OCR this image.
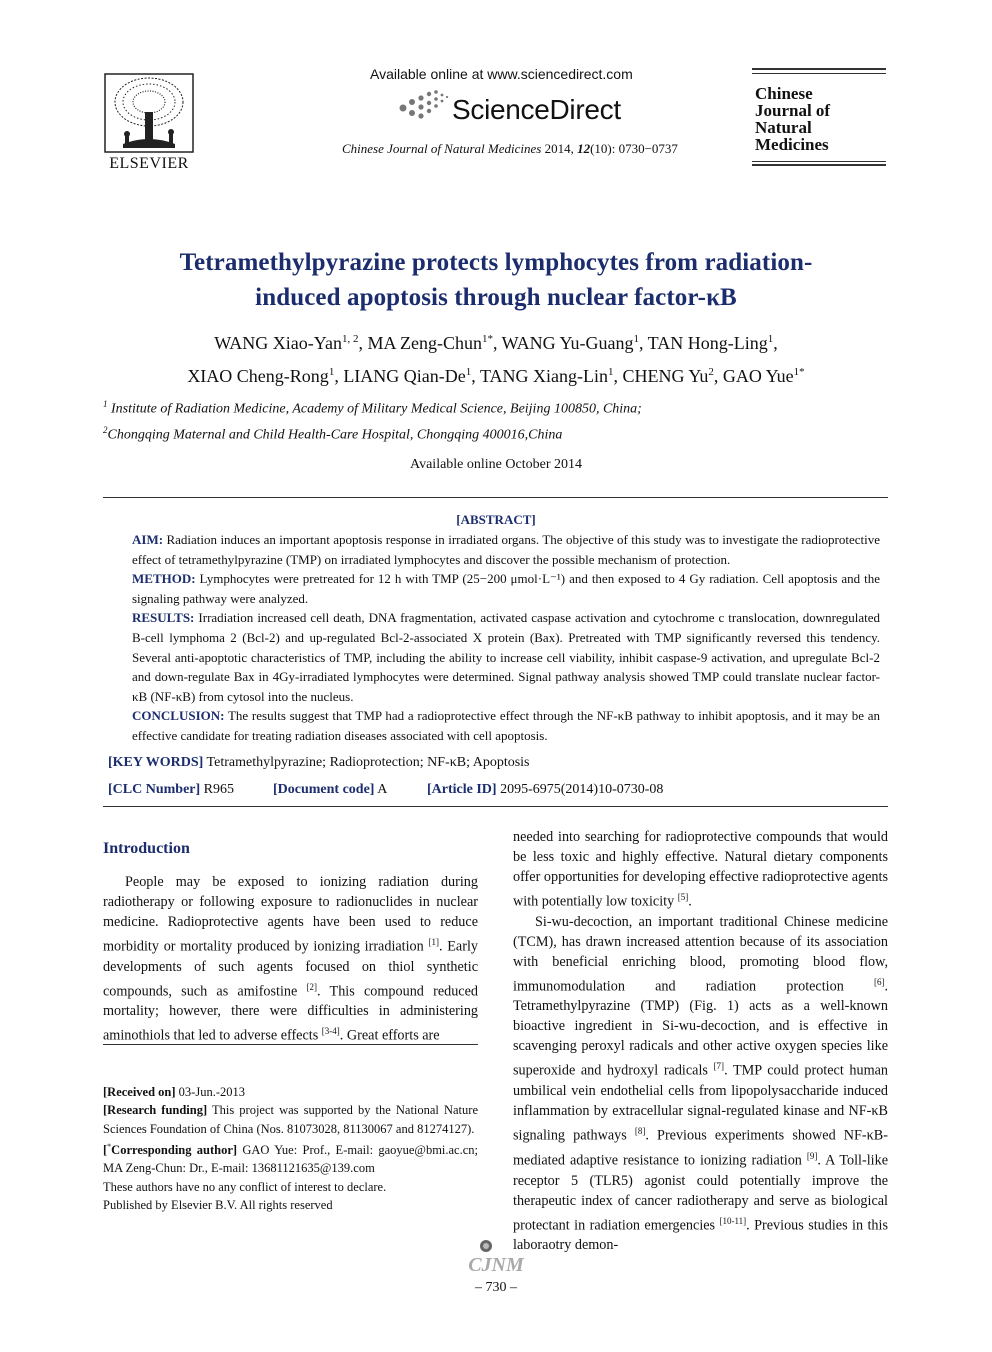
ELSEVIER
Available online at www.sciencedirect.com
ScienceDirect
Chinese Journal of Natural Medicines 2014, 12(10): 0730−0737
Chinese
Journal of
Natural
Medicines
Tetramethylpyrazine protects lymphocytes from radiation-
induced apoptosis through nuclear factor-κB
WANG Xiao-Yan$^{1, 2}$, MA Zeng-Chun$^{1*}$, WANG Yu-Guang$^1$, TAN Hong-Ling$^1$,
XIAO Cheng-Rong$^1$, LIANG Qian-De$^1$, TANG Xiang-Lin$^1$, CHENG Yu$^2$, GAO Yue$^{1*}$
$^1$ Institute of Radiation Medicine, Academy of Military Medical Science, Beijing 100850, China;
$^2$Chongqing Maternal and Child Health-Care Hospital, Chongqing 400016,China
Available online October 2014
[ABSTRACT]

AIM: Radiation induces an important apoptosis response in irradiated organs. The objective of this study was to investigate the radioprotective effect of tetramethylpyrazine (TMP) on irradiated lymphocytes and discover the possible mechanism of protection.

METHOD: Lymphocytes were pretreated for 12 h with TMP (25−200 μmol·L⁻¹) and then exposed to 4 Gy radiation. Cell apoptosis and the signaling pathway were analyzed.

RESULTS: Irradiation increased cell death, DNA fragmentation, activated caspase activation and cytochrome c translocation, downregulated B-cell lymphoma 2 (Bcl-2) and up-regulated Bcl-2-associated X protein (Bax). Pretreated with TMP significantly reversed this tendency. Several anti-apoptotic characteristics of TMP, including the ability to increase cell viability, inhibit caspase-9 activation, and upregulate Bcl-2 and down-regulate Bax in 4Gy-irradiated lymphocytes were determined. Signal pathway analysis showed TMP could translate nuclear factor-κB (NF-κB) from cytosol into the nucleus.

CONCLUSION: The results suggest that TMP had a radioprotective effect through the NF-κB pathway to inhibit apoptosis, and it may be an effective candidate for treating radiation diseases associated with cell apoptosis.

[KEY WORDS] Tetramethylpyrazine; Radioprotection; NF-κB; Apoptosis
[CLC Number] R965	[Document code] A	[Article ID] 2095-6975(2014)10-0730-08
Introduction

People may be exposed to ionizing radiation during radiotherapy or following exposure to radionuclides in nuclear medicine. Radioprotective agents have been used to reduce morbidity or mortality produced by ionizing irradiation [1]. Early developments of such agents focused on thiol synthetic compounds, such as amifostine [2]. This compound reduced mortality; however, there were difficulties in administering aminothiols that led to adverse effects [3-4]. Great efforts are

[Received on] 03-Jun.-2013

[Research funding] This project was supported by the National Nature Sciences Foundation of China (Nos. 81073028, 81130067 and 81274127).

[*Corresponding author] GAO Yue: Prof., E-mail: gaoyue@bmi.ac.cn; MA Zeng-Chun: Dr., E-mail: 13681121635@139.com

These authors have no any conflict of interest to declare.

Published by Elsevier B.V. All rights reserved

needed into searching for radioprotective compounds that would be less toxic and highly effective. Natural dietary components offer opportunities for developing effective radioprotective agents with potentially low toxicity [5].

Si-wu-decoction, an important traditional Chinese medicine (TCM), has drawn increased attention because of its association with beneficial enriching blood, promoting blood flow, immunomodulation and radiation protection [6]. Tetramethylpyrazine (TMP) (Fig. 1) acts as a well-known bioactive ingredient in Si-wu-decoction, and is effective in scavenging peroxyl radicals and other active oxygen species like superoxide and hydroxyl radicals [7]. TMP could protect human umbilical vein endothelial cells from lipopolysaccharide induced inflammation by extracellular signal-regulated kinase and NF-κB signaling pathways [8]. Previous experiments showed NF-κB-mediated adaptive resistance to ionizing radiation [9]. A Toll-like receptor 5 (TLR5) agonist could potentially improve the therapeutic index of cancer radiotherapy and serve as biological protectant in radiation emergencies [10-11]. Previous studies in this laboraotry demon-

CJNM
– 730 –
